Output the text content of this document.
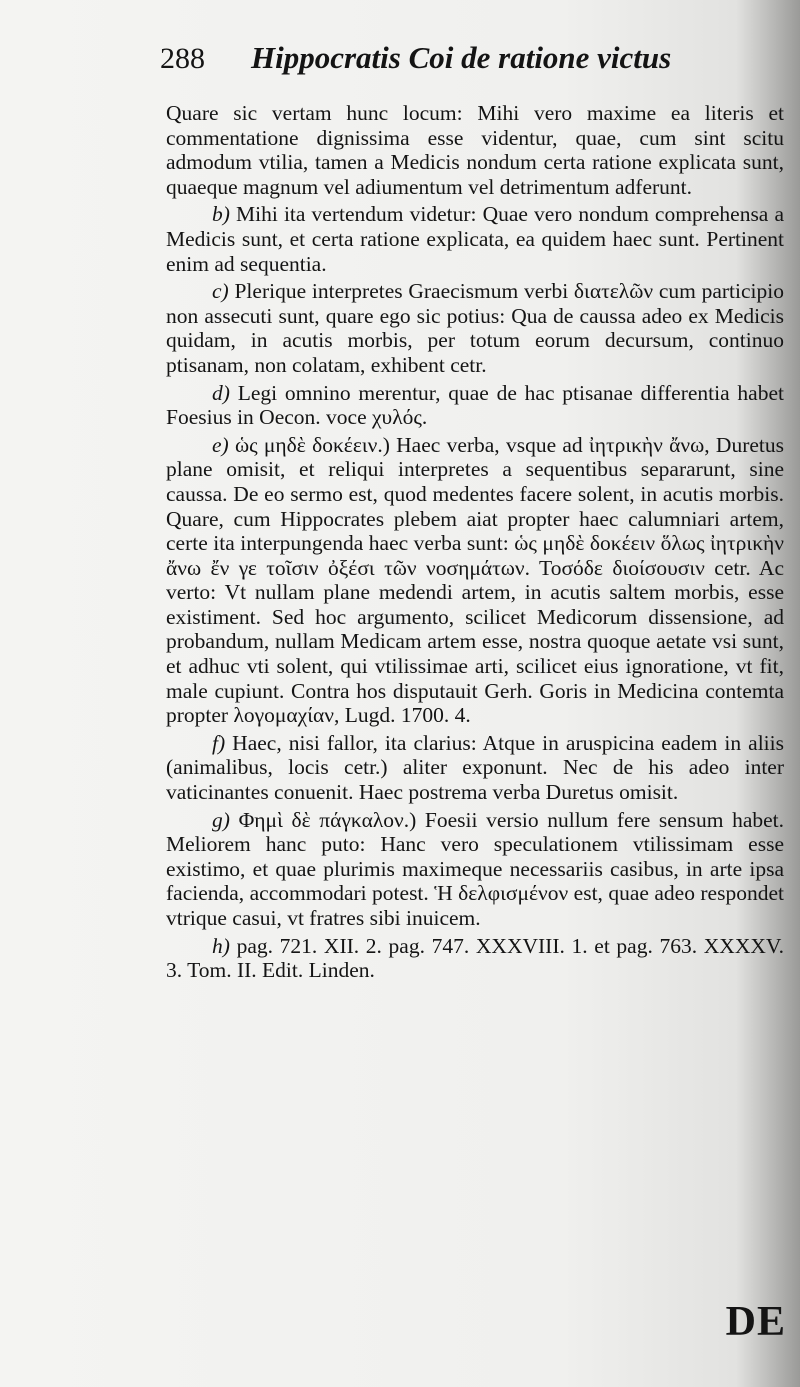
288 Hippocratis Coi de ratione victus

Quare sic vertam hunc locum: Mihi vero maxime ea literis et commentatione dignissima esse videntur, quae, cum sint scitu admodum vtilia, tamen a Medicis nondum certa ratione explicata sunt, quaeque magnum vel adiumentum vel detrimentum adferunt.

b) Mihi ita vertendum videtur: Quae vero nondum comprehensa a Medicis sunt, et certa ratione explicata, ea quidem haec sunt. Pertinent enim ad sequentia.

c) Plerique interpretes Graecismum verbi διατελῶν cum participio non assecuti sunt, quare ego sic potius: Qua de caussa adeo ex Medicis quidam, in acutis morbis, per totum eorum decursum, continuo ptisanam, non colatam, exhibent cetr.

d) Legi omnino merentur, quae de hac ptisanae differentia habet Foesius in Oecon. voce χυλός.

e) ὡς μηδὲ δοκέειν.) Haec verba, vsque ad ἰητρικὴν ἄνω, Duretus plane omisit, et reliqui interpretes a sequentibus separarunt, sine caussa. De eo sermo est, quod medentes facere solent, in acutis morbis. Quare, cum Hippocrates plebem aiat propter haec calumniari artem, certe ita interpungenda haec verba sunt: ὡς μηδὲ δοκέειν ὅλως ἰητρικὴν ἄνω ἔν γε τοῖσιν ὀξέσι τῶν νοσημάτων. Τοσόδε διοίσουσιν cetr. Ac verto: Vt nullam plane medendi artem, in acutis saltem morbis, esse existiment. Sed hoc argumento, scilicet Medicorum dissensione, ad probandum, nullam Medicam artem esse, nostra quoque aetate vsi sunt, et adhuc vti solent, qui vtilissimae arti, scilicet eius ignoratione, vt fit, male cupiunt. Contra hos disputauit Gerh. Goris in Medicina contemta propter λογομαχίαν, Lugd. 1700. 4.

f) Haec, nisi fallor, ita clarius: Atque in aruspicina eadem in aliis (animalibus, locis cetr.) aliter exponunt. Nec de his adeo inter vaticinantes conuenit. Haec postrema verba Duretus omisit.

g) Φημὶ δὲ πάγκαλον.) Foesii versio nullum fere sensum habet. Meliorem hanc puto: Hanc vero speculationem vtilissimam esse existimo, et quae plurimis maximeque necessariis casibus, in arte ipsa facienda, accommodari potest. Ἡ δελφισμένον est, quae adeo respondet vtrique casui, vt fratres sibi inuicem.

h) pag. 721. XII. 2. pag. 747. XXXVIII. 1. et pag. 763. XXXXV. 3. Tom. II. Edit. Linden.

DE
